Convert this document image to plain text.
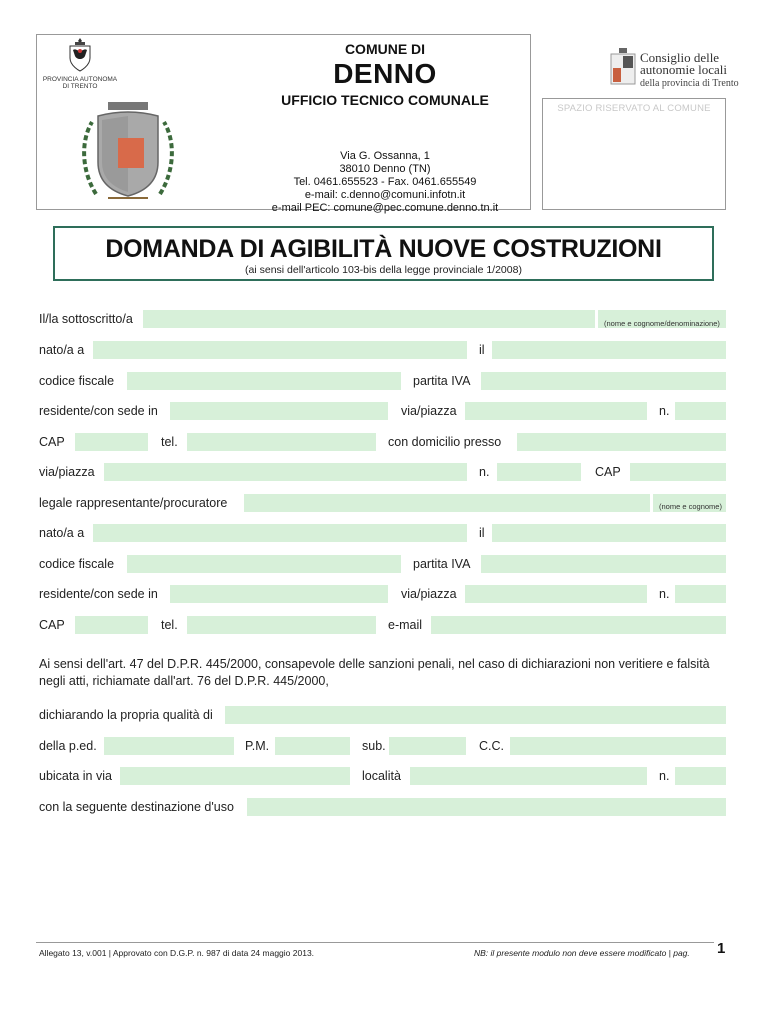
PROVINCIA AUTONOMA
DI TRENTO
COMUNE DI
DENNO
UFFICIO TECNICO COMUNALE
Via G. Ossanna, 1
38010 Denno (TN)
Tel. 0461.655523 - Fax. 0461.655549
e-mail: c.denno@comuni.infotn.it
e-mail PEC: comune@pec.comune.denno.tn.it
Consiglio delle
autonomie locali
della provincia di Trento
SPAZIO RISERVATO AL COMUNE
DOMANDA DI AGIBILITÀ NUOVE COSTRUZIONI
(ai sensi dell'articolo 103-bis della legge provinciale 1/2008)
Il/la sottoscritto/a	(nome e cognome/denominazione)
nato/a a	il
codice fiscale	partita IVA
residente/con sede in	via/piazza	n.
CAP	tel.	con domicilio presso
via/piazza	n.	CAP
legale rappresentante/procuratore	(nome e cognome)
nato/a a	il
codice fiscale	partita IVA
residente/con sede in	via/piazza	n.
CAP	tel.	e-mail
Ai sensi dell'art. 47 del D.P.R. 445/2000, consapevole delle sanzioni penali, nel caso di dichiarazioni non veritiere e falsità negli atti, richiamate dall'art. 76 del D.P.R. 445/2000,
dichiarando la propria qualità di
della p.ed.	P.M.	sub.	C.C.
ubicata in via	località	n.
con la seguente destinazione d'uso
Allegato 13, v.001 | Approvato con D.G.P. n. 987 di data 24 maggio 2013.	NB: il presente modulo non deve essere modificato | pag. 1
